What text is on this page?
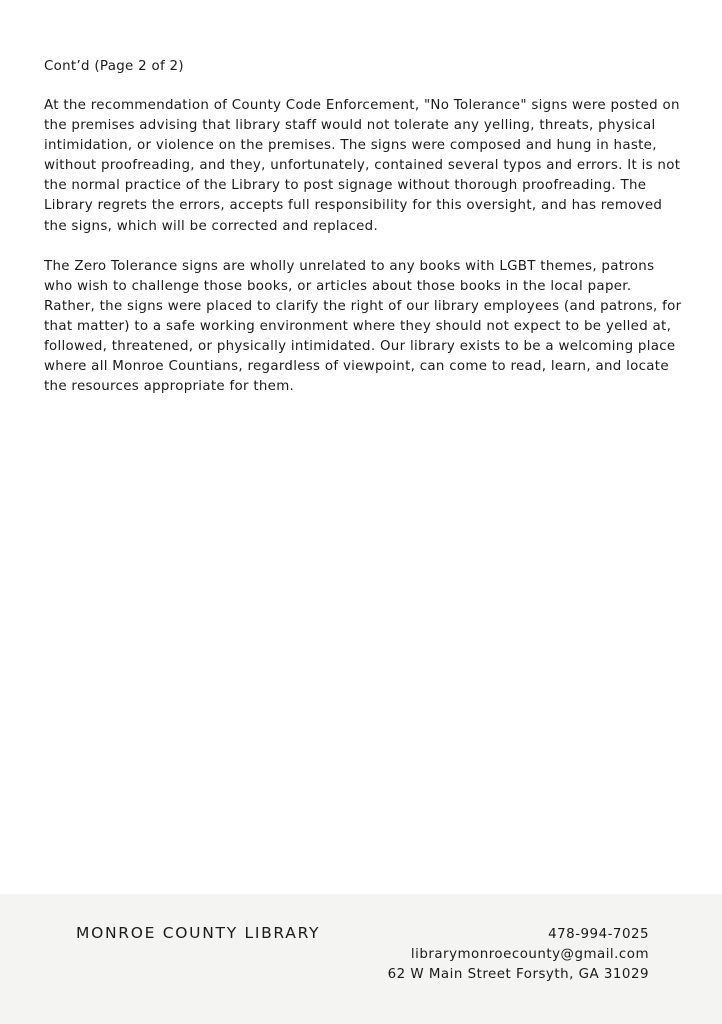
Cont’d (Page 2 of 2)

At the recommendation of County Code Enforcement, "No Tolerance" signs were posted on the premises advising that library staff would not tolerate any yelling, threats, physical intimidation, or violence on the premises. The signs were composed and hung in haste, without proofreading, and they, unfortunately, contained several typos and errors. It is not the normal practice of the Library to post signage without thorough proofreading. The Library regrets the errors, accepts full responsibility for this oversight, and has removed the signs, which will be corrected and replaced.

The Zero Tolerance signs are wholly unrelated to any books with LGBT themes, patrons who wish to challenge those books, or articles about those books in the local paper. Rather, the signs were placed to clarify the right of our library employees (and patrons, for that matter) to a safe working environment where they should not expect to be yelled at, followed, threatened, or physically intimidated. Our library exists to be a welcoming place where all Monroe Countians, regardless of viewpoint, can come to read, learn, and locate the resources appropriate for them.

MONROE COUNTY LIBRARY	478-994-7025
librarymonroecounty@gmail.com
62 W Main Street Forsyth, GA 31029
